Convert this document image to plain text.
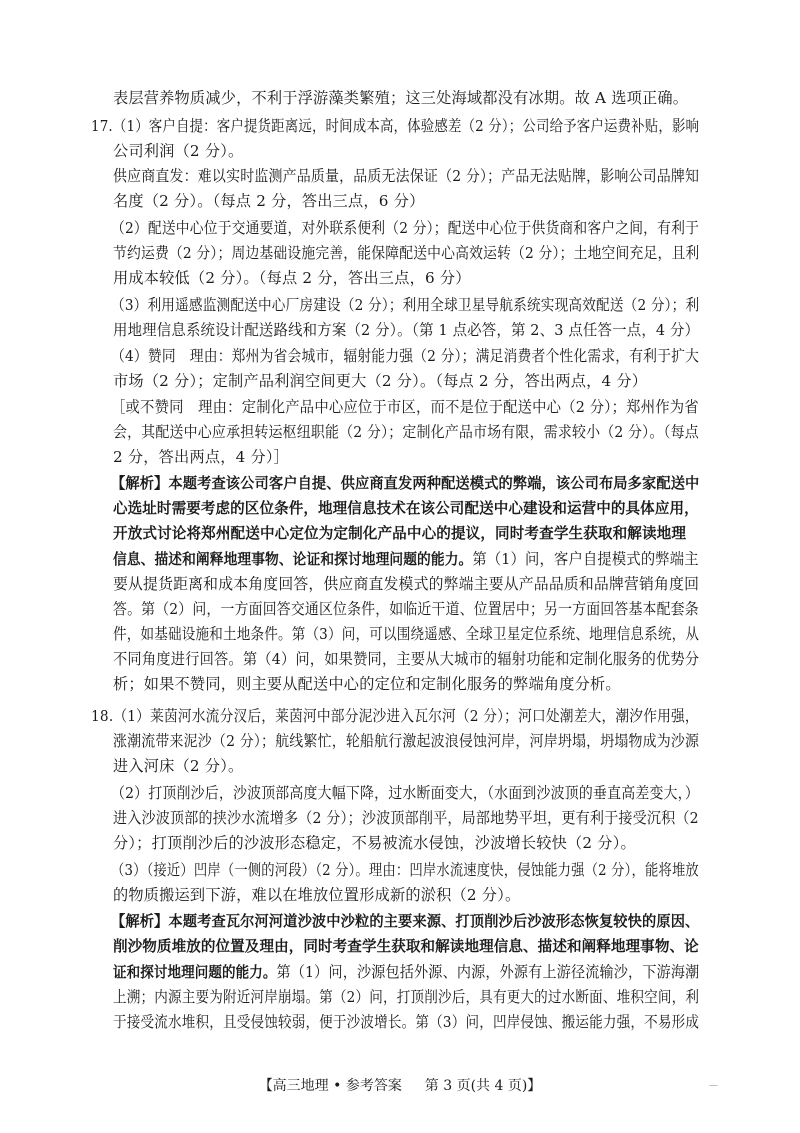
表层营养物质减少，不利于浮游藻类繁殖；这三处海域都没有冰期。故 A 选项正确。
17.（1）客户自提：客户提货距离远，时间成本高，体验感差（2 分）；公司给予客户运费补贴，影响
公司利润（2 分）。
供应商直发：难以实时监测产品质量，品质无法保证（2 分）；产品无法贴牌，影响公司品牌知
名度（2 分）。（每点 2 分，答出三点，6 分）
（2）配送中心位于交通要道，对外联系便利（2 分）；配送中心位于供货商和客户之间，有利于
节约运费（2 分）；周边基础设施完善，能保障配送中心高效运转（2 分）；土地空间充足，且利
用成本较低（2 分）。（每点 2 分，答出三点，6 分）
（3）利用遥感监测配送中心厂房建设（2 分）；利用全球卫星导航系统实现高效配送（2 分）；利
用地理信息系统设计配送路线和方案（2 分）。（第 1 点必答，第 2、3 点任答一点，4 分）
（4）赞同　理由：郑州为省会城市，辐射能力强（2 分）；满足消费者个性化需求，有利于扩大
市场（2 分）；定制产品利润空间更大（2 分）。（每点 2 分，答出两点，4 分）
［或不赞同　理由：定制化产品中心应位于市区，而不是位于配送中心（2 分）；郑州作为省
会，其配送中心应承担转运枢纽职能（2 分）；定制化产品市场有限，需求较小（2 分）。（每点
2 分，答出两点，4 分）］
【解析】本题考查该公司客户自提、供应商直发两种配送模式的弊端，该公司布局多家配送中
心选址时需要考虑的区位条件，地理信息技术在该公司配送中心建设和运营中的具体应用，
开放式讨论将郑州配送中心定位为定制化产品中心的提议，同时考查学生获取和解读地理
信息、描述和阐释地理事物、论证和探讨地理问题的能力。第（1）问，客户自提模式的弊端主
要从提货距离和成本角度回答，供应商直发模式的弊端主要从产品品质和品牌营销角度回
答。第（2）问，一方面回答交通区位条件，如临近干道、位置居中；另一方面回答基本配套条
件，如基础设施和土地条件。第（3）问，可以围绕遥感、全球卫星定位系统、地理信息系统，从
不同角度进行回答。第（4）问，如果赞同，主要从大城市的辐射功能和定制化服务的优势分
析；如果不赞同，则主要从配送中心的定位和定制化服务的弊端角度分析。
18.（1）莱茵河水流分汊后，莱茵河中部分泥沙进入瓦尔河（2 分）；河口处潮差大，潮汐作用强，
涨潮流带来泥沙（2 分）；航线繁忙，轮船航行激起波浪侵蚀河岸，河岸坍塌，坍塌物成为沙源
进入河床（2 分）。
（2）打顶削沙后，沙波顶部高度大幅下降，过水断面变大，（水面到沙波顶的垂直高差变大，）
进入沙波顶部的挟沙水流增多（2 分）；沙波顶部削平，局部地势平坦，更有利于接受沉积（2
分）；打顶削沙后的沙波形态稳定，不易被流水侵蚀，沙波增长较快（2 分）。
（3）（接近）凹岸（一侧的河段）（2 分）。理由：凹岸水流速度快，侵蚀能力强（2 分），能将堆放
的物质搬运到下游，难以在堆放位置形成新的淤积（2 分）。
【解析】本题考查瓦尔河河道沙波中沙粒的主要来源、打顶削沙后沙波形态恢复较快的原因、
削沙物质堆放的位置及理由，同时考查学生获取和解读地理信息、描述和阐释地理事物、论
证和探讨地理问题的能力。第（1）问，沙源包括外源、内源，外源有上游径流输沙，下游海潮
上溯；内源主要为附近河岸崩塌。第（2）问，打顶削沙后，具有更大的过水断面、堆积空间，利
于接受流水堆积，且受侵蚀较弱，便于沙波增长。第（3）问，凹岸侵蚀、搬运能力强，不易形成
【高三地理 • 参考答案 第 3 页(共 4 页)】	—
